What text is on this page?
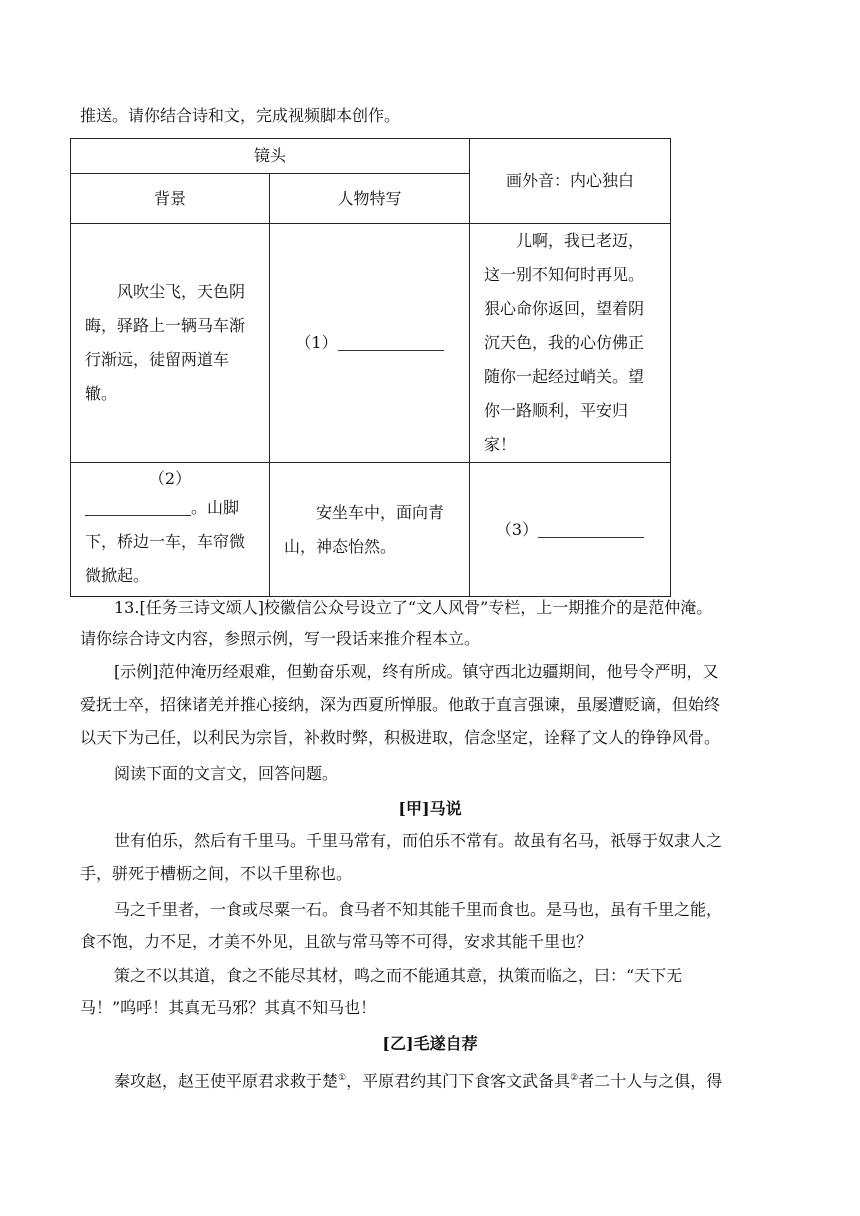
推送。请你结合诗和文，完成视频脚本创作。
镜头		画外音：内心独白
背景	人物特写	

风吹尘飞，天色阴晦，驿路上一辆马车渐行渐远，徒留两道车辙。	（1）	儿啊，我已老迈，这一别不知何时再见。狠心命你返回，望着阴沉天色，我的心仿佛正随你一起经过峭关。望你一路顺利，平安归家！

（2）
。山脚下，桥边一车，车帘微微掀起。	安坐车中，面向青山，神态怡然。	（3）
13.[任务三诗文颂人]校徽信公众号设立了“文人风骨”专栏，上一期推介的是范仲淹。
请你综合诗文内容，参照示例，写一段话来推介程本立。
[示例]范仲淹历经艰难，但勤奋乐观，终有所成。镇守西北边疆期间，他号令严明，又
爱抚士卒，招徕诸羌并推心接纳，深为西夏所惮服。他敢于直言强谏，虽屡遭贬谪，但始终
以天下为己任，以利民为宗旨，补救时弊，积极进取，信念坚定，诠释了文人的铮铮风骨。
阅读下面的文言文，回答问题。
[甲]马说
世有伯乐，然后有千里马。千里马常有，而伯乐不常有。故虽有名马，祇辱于奴隶人之
手，骈死于槽枥之间，不以千里称也。
马之千里者，一食或尽粟一石。食马者不知其能千里而食也。是马也，虽有千里之能，
食不饱，力不足，才美不外见，且欲与常马等不可得，安求其能千里也？
策之不以其道，食之不能尽其材，鸣之而不能通其意，执策而临之，曰：“天下无
马！”呜呼！其真无马邪？其真不知马也！
[乙]毛遂自荐
秦攻赵，赵王使平原君求救于楚①，平原君约其门下食客文武备具②者二十人与之俱，得
